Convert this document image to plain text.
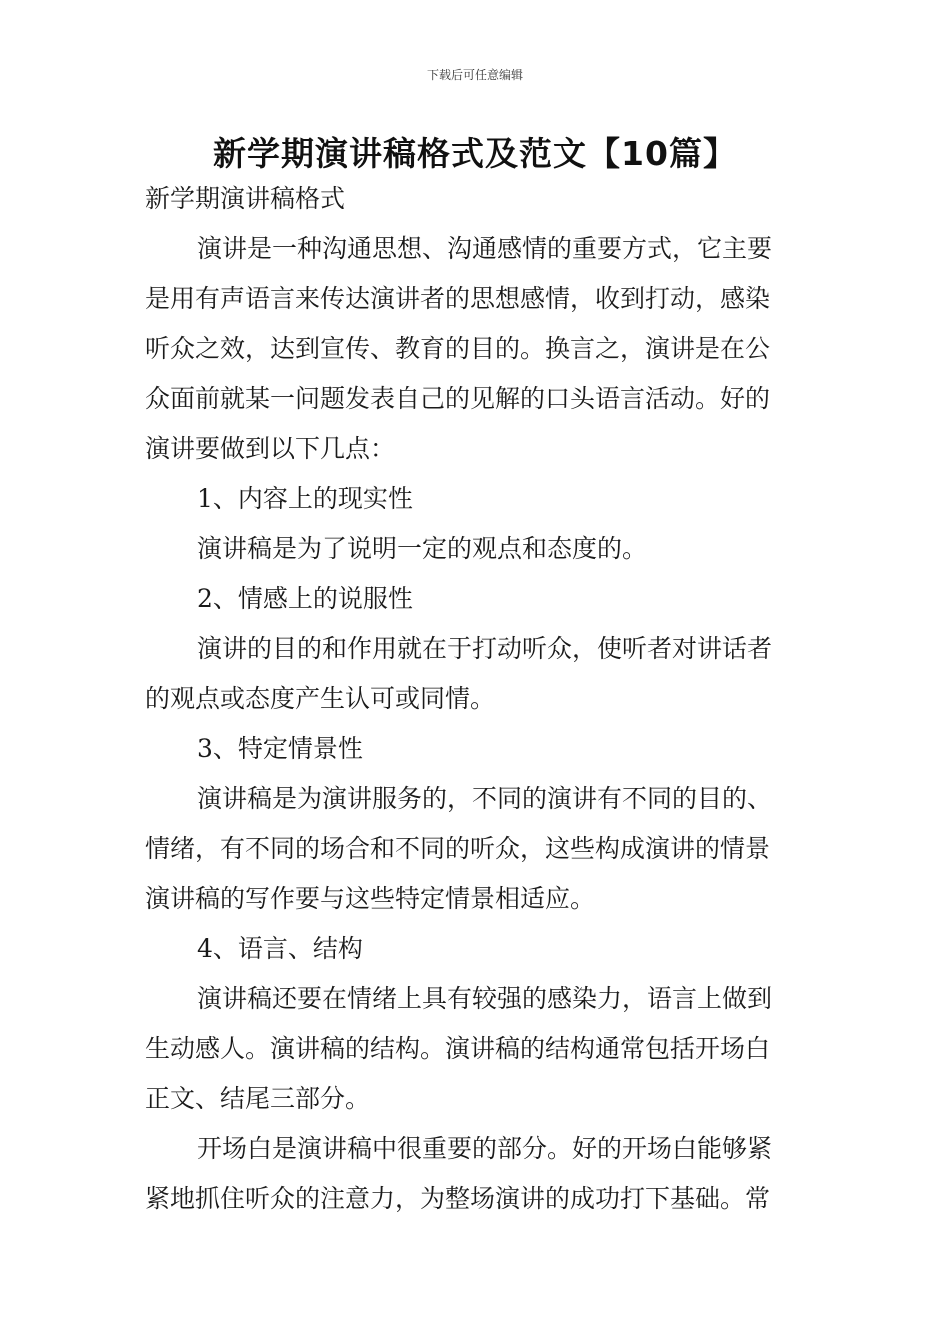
下载后可任意编辑
新学期演讲稿格式及范文【10篇】
新学期演讲稿格式
演讲是一种沟通思想、沟通感情的重要方式，它主要
是用有声语言来传达演讲者的思想感情，收到打动，感染
听众之效，达到宣传、教育的目的。换言之，演讲是在公
众面前就某一问题发表自己的见解的口头语言活动。好的
演讲要做到以下几点：
1、内容上的现实性
演讲稿是为了说明一定的观点和态度的。
2、情感上的说服性
演讲的目的和作用就在于打动听众，使听者对讲话者
的观点或态度产生认可或同情。
3、特定情景性
演讲稿是为演讲服务的，不同的演讲有不同的目的、
情绪，有不同的场合和不同的听众，这些构成演讲的情景
演讲稿的写作要与这些特定情景相适应。
4、语言、结构
演讲稿还要在情绪上具有较强的感染力，语言上做到
生动感人。演讲稿的结构。演讲稿的结构通常包括开场白
正文、结尾三部分。
开场白是演讲稿中很重要的部分。好的开场白能够紧
紧地抓住听众的注意力，为整场演讲的成功打下基础。常
